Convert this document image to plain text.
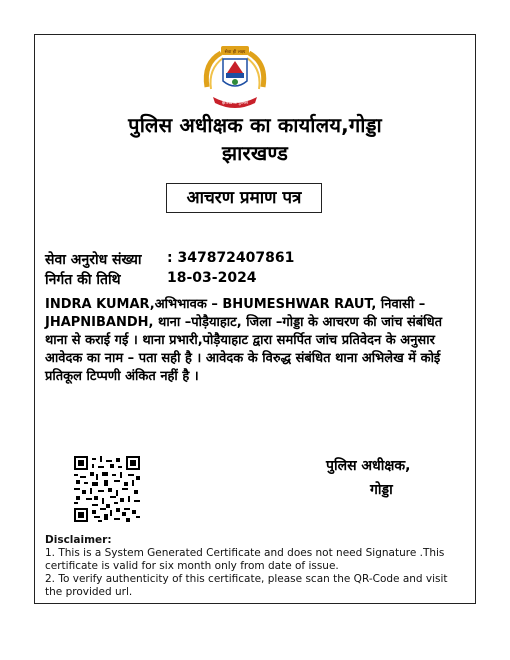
सेवा ही लक्ष्य
झारखण्ड पुलिस
पुलिस अधीक्षक का कार्यालय,गोड्डा
झारखण्ड
आचरण प्रमाण पत्र
सेवा अनुरोध संख्या : 347872407861
निर्गत की तिथि	18-03-2024
INDRA KUMAR,अभिभावक – BHUMESHWAR RAUT, निवासी – JHAPNIBANDH, थाना –पोड़ैयाहाट, जिला –गोड्डा के आचरण की जांच संबंधित थाना से कराई गई । थाना प्रभारी,पोड़ैयाहाट द्वारा समर्पित जांच प्रतिवेदन के अनुसार आवेदक का नाम – पता सही है । आवेदक के विरुद्ध संबंधित थाना अभिलेख में कोई प्रतिकूल टिप्पणी अंकित नहीं है ।
पुलिस अधीक्षक,
गोड्डा
Disclaimer:
1. This is a System Generated Certificate and does not need Signature .This certificate is valid for six month only from date of issue.
2. To verify authenticity of this certificate, please scan the QR-Code and visit the provided url.
